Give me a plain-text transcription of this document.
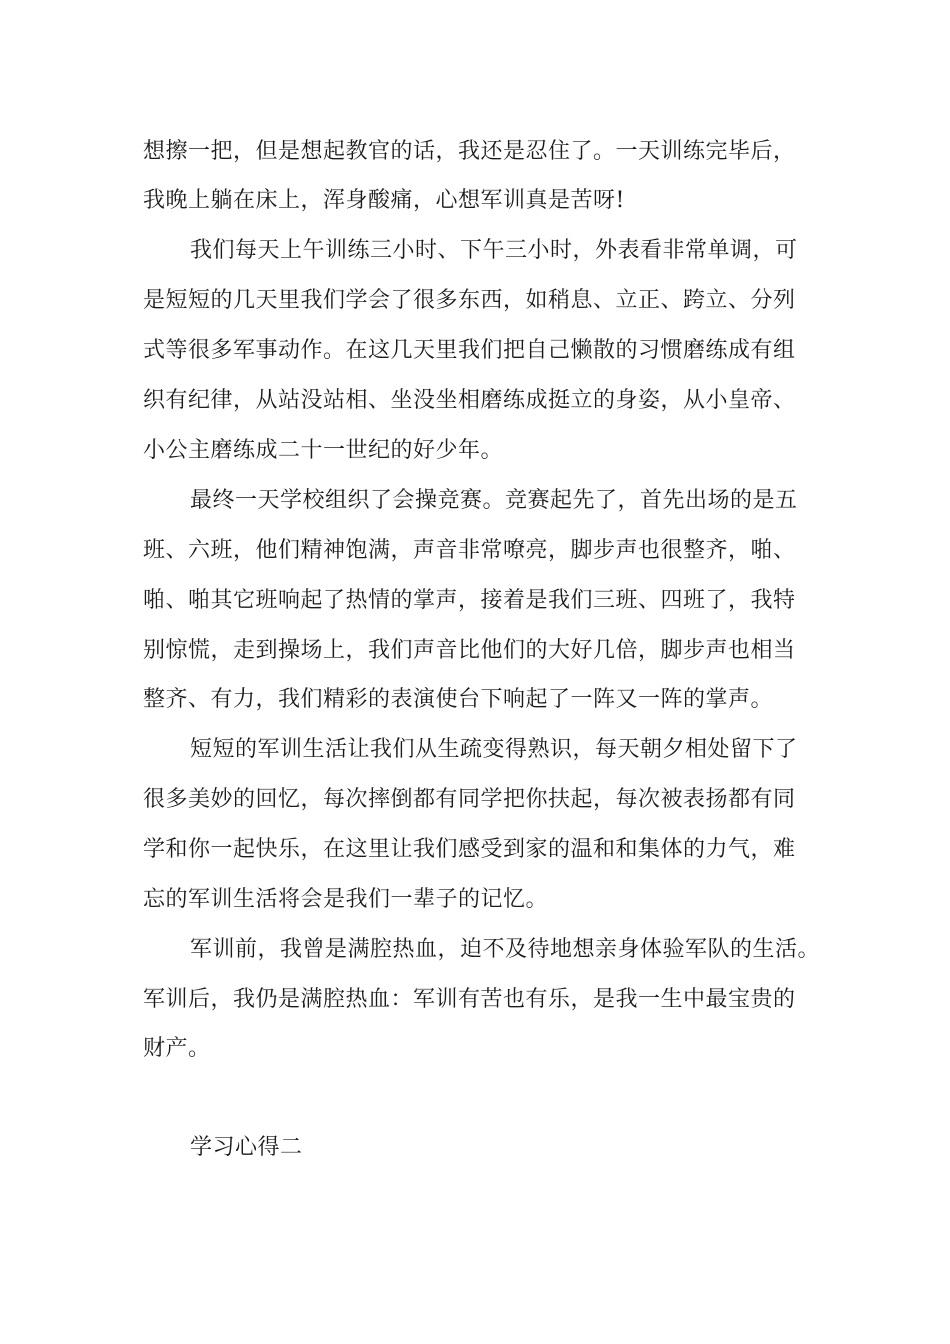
想擦一把，但是想起教官的话，我还是忍住了。一天训练完毕后，
我晚上躺在床上，浑身酸痛，心想军训真是苦呀!
我们每天上午训练三小时、下午三小时，外表看非常单调，可
是短短的几天里我们学会了很多东西，如稍息、立正、跨立、分列
式等很多军事动作。在这几天里我们把自己懒散的习惯磨练成有组
织有纪律，从站没站相、坐没坐相磨练成挺立的身姿，从小皇帝、
小公主磨练成二十一世纪的好少年。
最终一天学校组织了会操竞赛。竞赛起先了，首先出场的是五
班、六班，他们精神饱满，声音非常嘹亮，脚步声也很整齐，啪、
啪、啪其它班响起了热情的掌声，接着是我们三班、四班了，我特
别惊慌，走到操场上，我们声音比他们的大好几倍，脚步声也相当
整齐、有力，我们精彩的表演使台下响起了一阵又一阵的掌声。
短短的军训生活让我们从生疏变得熟识，每天朝夕相处留下了
很多美妙的回忆，每次摔倒都有同学把你扶起，每次被表扬都有同
学和你一起快乐，在这里让我们感受到家的温和和集体的力气，难
忘的军训生活将会是我们一辈子的记忆。
军训前，我曾是满腔热血，迫不及待地想亲身体验军队的生活。
军训后，我仍是满腔热血：军训有苦也有乐，是我一生中最宝贵的
财产。
学习心得二
